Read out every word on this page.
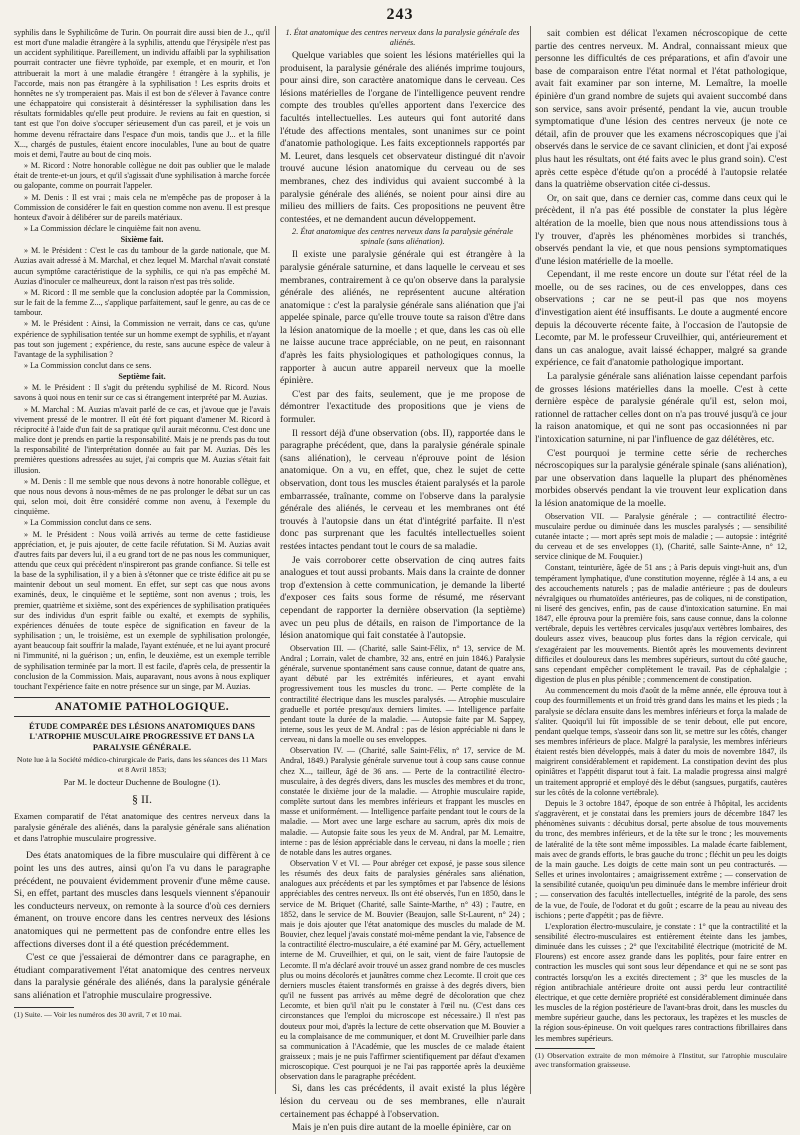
243

syphilis dans le Syphilicôme de Turin. On pourrait dire aussi bien de J.., qu'il est mort d'une maladie étrangère à la syphilis, attendu que l'érysipèle n'est pas un accident syphilitique. Pareillement, un individu affaibli par la syphilisation pourrait contracter une fièvre typhoïde, par exemple, et en mourir, et l'on attribuerait la mort à une maladie étrangère ! étrangère à la syphilis, je l'accorde, mais non pas étrangère à la syphilisation ! Les esprits droits et honnêtes ne s'y tromperaient pas. Mais il est bon de s'élever à l'avance contre une échappatoire qui consisterait à désintéresser la syphilisation dans les résultats formidables qu'elle peut produire. Je reviens au fait en question, si tant est que l'on doive s'occuper sérieusement d'un cas pareil, et je vois un homme devenu réfractaire dans l'espace d'un mois, tandis que J... et la fille X..., chargés de pustules, étaient encore inoculables, l'une au bout de quatre mois et demi, l'autre au bout de cinq mois.

» M. Ricord : Notre honorable collègue ne doit pas oublier que le malade était de trente-et-un jours, et qu'il s'agissait d'une syphilisation à marche forcée ou galopante, comme on pourrait l'appeler.

» M. Denis : Il est vrai ; mais cela ne m'empêche pas de proposer à la Commission de considérer le fait en question comme non avenu. Il est presque honteux d'avoir à délibérer sur de pareils matériaux.

» La Commission déclare le cinquième fait non avenu.

Sixième fait.

» M. le Président : C'est le cas du tambour de la garde nationale, que M. Auzias avait adressé à M. Marchal, et chez lequel M. Marchal n'avait constaté aucun symptôme caractéristique de la syphilis, ce qui n'a pas empêché M. Auzias d'inoculer ce malheureux, dont la raison n'est pas très solide.

» M. Ricord : Il me semble que la conclusion adoptée par la Commission, sur le fait de la femme Z..., s'applique parfaitement, sauf le genre, au cas de ce tambour.

» M. le Président : Ainsi, la Commission ne verrait, dans ce cas, qu'une expérience de syphilisation tentée sur un homme exempt de syphilis, et n'ayant pas tout son jugement ; expérience, du reste, sans aucune espèce de valeur à l'avantage de la syphilisation ?

» La Commission conclut dans ce sens.

Septième fait.

» M. le Président : Il s'agit du prétendu syphilisé de M. Ricord. Nous savons à quoi nous en tenir sur ce cas si étrangement interprété par M. Auzias.

» M. Marchal : M. Auzias m'avait parlé de ce cas, et j'avoue que je l'avais vivement pressé de le montrer. Il eût été fort piquant d'amener M. Ricord à réciprocité à l'aide d'un fait de sa pratique qu'il aurait méconnu. C'est donc une malice dont je prends en partie la responsabilité. Mais je ne prends pas du tout la responsabilité de l'interprétation donnée au fait par M. Auzias. Dès les premières questions adressées au sujet, j'ai compris que M. Auzias s'était fait illusion.

» M. Denis : Il me semble que nous devons à notre honorable collègue, et que nous nous devons à nous-mêmes de ne pas prolonger le débat sur un cas qui, selon moi, doit être considéré comme non avenu, à l'exemple du cinquième.

» La Commission conclut dans ce sens.

» M. le Président : Nous voilà arrivés au terme de cette fastidieuse appréciation, et, je puis ajouter, de cette facile réfutation. Si M. Auzias avait d'autres faits par devers lui, il a eu grand tort de ne pas nous les communiquer, attendu que ceux qui précèdent n'inspireront pas grande confiance. Si telle est la base de la syphilisation, il y a bien à s'étonner que ce triste édifice ait pu se maintenir debout un seul moment. En effet, sur sept cas que nous avons examinés, deux, le cinquième et le septième, sont non avenus ; trois, les premier, quatrième et sixième, sont des expériences de syphilisation pratiquées sur des individus d'un esprit faible ou exalté, et exempts de syphilis, expériences dénuées de toute espèce de signification en faveur de la syphilisation ; un, le troisième, est un exemple de syphilisation prolongée, ayant beaucoup fait souffrir la malade, l'ayant exténuée, et ne lui ayant procuré ni l'immunité, ni la guérison ; un, enfin, le deuxième, est un exemple terrible de syphilisation terminée par la mort. Il est facile, d'après cela, de pressentir la conclusion de la Commission. Mais, auparavant, nous avons à nous expliquer touchant l'expérience faite en notre présence sur un singe, par M. Auzias.

ANATOMIE PATHOLOGIQUE.
ÉTUDE COMPARÉE DES LÉSIONS ANATOMIQUES DANS L'ATROPHIE MUSCULAIRE PROGRESSIVE ET DANS LA PARALYSIE GÉNÉRALE.
Note lue à la Société médico-chirurgicale de Paris, dans les séances des 11 Mars et 8 Avril 1853;
Par M. le docteur Duchenne de Boulogne (1).
§ II.
Examen comparatif de l'état anatomique des centres nerveux dans la paralysie générale des aliénés, dans la paralysie générale sans aliénation et dans l'atrophie musculaire progressive.

Des états anatomiques de la fibre musculaire qui diffèrent à ce point les uns des autres, ainsi qu'on l'a vu dans le paragraphe précédent, ne pouvaient évidemment provenir d'une même cause. Si, en effet, partant des muscles dans lesquels viennent s'épanouir les conducteurs nerveux, on remonte à la source d'où ces derniers émanent, on trouve encore dans les centres nerveux des lésions anatomiques qui ne permettent pas de confondre entre elles les affections diverses dont il a été question précédemment.

C'est ce que j'essaierai de démontrer dans ce paragraphe, en étudiant comparativement l'état anatomique des centres nerveux dans la paralysie générale des aliénés, dans la paralysie générale sans aliénation et l'atrophie musculaire progressive.

(1) Suite. — Voir les numéros des 30 avril, 7 et 10 mai.

1. État anatomique des centres nerveux dans la paralysie générale des aliénés.

Quelque variables que soient les lésions matérielles qui la produisent, la paralysie générale des aliénés imprime toujours, pour ainsi dire, son caractère anatomique dans le cerveau. Ces lésions matérielles de l'organe de l'intelligence peuvent rendre compte des troubles qu'elles apportent dans l'exercice des facultés intellectuelles. Les auteurs qui font autorité dans l'étude des affections mentales, sont unanimes sur ce point d'anatomie pathologique. Les faits exceptionnels rapportés par M. Leuret, dans lesquels cet observateur distingué dit n'avoir trouvé aucune lésion anatomique du cerveau ou de ses membranes, chez des individus qui avaient succombé à la paralysie générale des aliénés, se noient pour ainsi dire au milieu des milliers de faits. Ces propositions ne peuvent être contestées, et ne demandent aucun développement.

2. État anatomique des centres nerveux dans la paralysie générale spinale (sans aliénation).

Il existe une paralysie générale qui est étrangère à la paralysie générale saturnine, et dans laquelle le cerveau et ses membranes, contrairement à ce qu'on observe dans la paralysie générale des aliénés, ne représentent aucune altération anatomique : c'est la paralysie générale sans aliénation que j'ai appelée spinale, parce qu'elle trouve toute sa raison d'être dans la lésion anatomique de la moelle ; et que, dans les cas où elle ne laisse aucune trace appréciable, on ne peut, en raisonnant d'après les faits physiologiques et pathologiques connus, la rapporter à aucun autre appareil nerveux que la moelle épinière.

C'est par des faits, seulement, que je me propose de démontrer l'exactitude des propositions que je viens de formuler.

Il ressort déjà d'une observation (obs. II), rapportée dans le paragraphe précédent, que, dans la paralysie générale spinale (sans aliénation), le cerveau n'éprouve point de lésion anatomique. On a vu, en effet, que, chez le sujet de cette observation, dont tous les muscles étaient paralysés et la parole embarrassée, traînante, comme on l'observe dans la paralysie générale des aliénés, le cerveau et les membranes ont été trouvés à l'autopsie dans un état d'intégrité parfaite. Il n'est donc pas surprenant que les facultés intellectuelles soient restées intactes pendant tout le cours de sa maladie.

Je vais corroborer cette observation de cinq autres faits analogues et tout aussi probants. Mais dans la crainte de donner trop d'extension à cette communication, je demande la liberté d'exposer ces faits sous forme de résumé, me réservant cependant de rapporter la dernière observation (la septième) avec un peu plus de détails, en raison de l'importance de la lésion anatomique qui fait constatée à l'autopsie.

Observation III. — (Charité, salle Saint-Félix, n° 13, service de M. Andral ; Lorrain, valet de chambre, 32 ans, entré en juin 1846.) Paralysie générale, survenue spontanément sans cause connue, datant de quatre ans, ayant débuté par les extrémités inférieures, et ayant envahi progressivement tous les muscles du tronc. — Perte complète de la contractilité électrique dans les muscles paralysés. — Atrophie musculaire graduelle et portée presqu'aux derniers limites. — Intelligence parfaite pendant toute la durée de la maladie. — Autopsie faite par M. Sappey, interne, sous les yeux de M. Andral : pas de lésion appréciable ni dans le cerveau, ni dans la moelle ou ses enveloppes.

Observation IV. — (Charité, salle Saint-Félix, n° 17, service de M. Andral, 1849.) Paralysie générale survenue tout à coup sans cause connue chez X..., tailleur, âgé de 36 ans. — Perte de la contractilité électro-musculaire, à des degrés divers, dans les muscles des membres et du tronc, constatée le dixième jour de la maladie. — Atrophie musculaire rapide, complète surtout dans les membres inférieurs et frappant les muscles en masse et uniformément. — Intelligence parfaite pendant tout le cours de la maladie. — Mort avec une large eschare au sacrum, après dix mois de maladie. — Autopsie faite sous les yeux de M. Andral, par M. Lemaitre, interne : pas de lésion appréciable dans le cerveau, ni dans la moelle ; rien de notable dans les autres organes.

Observation V et VI. — Pour abréger cet exposé, je passe sous silence les résumés des deux faits de paralysies générales sans aliénation, analogues aux précédents et par les symptômes et par l'absence de lésions appréciables des centres nerveux. Ils ont été observés, l'un en 1850, dans le service de M. Briquet (Charité, salle Sainte-Marthe, n° 43) ; l'autre, en 1852, dans le service de M. Bouvier (Beaujon, salle St-Laurent, n° 24) ; mais je dois ajouter que l'état anatomique des muscles du malade de M. Bouvier, chez lequel j'avais constaté moi-même pendant la vie, l'absence de la contractilité électro-musculaire, a été examiné par M. Géry, actuellement interne de M. Cruveilhier, et qui, on le sait, vient de faire l'autopsie de Lecomte. Il m'a déclaré avoir trouvé un assez grand nombre de ces muscles plus ou moins décolorés et jaunâtres comme chez Lecomte. Il croit que ces derniers muscles étaient transformés en graisse à des degrés divers, bien qu'il ne fussent pas arrivés au même degré de décoloration que chez Lecomte, et bien qu'il n'ait pu le constater à l'œil nu. (C'est dans ces circonstances que l'emploi du microscope est nécessaire.) Il n'est pas douteux pour moi, d'après la lecture de cette observation que M. Bouvier a eu la complaisance de me communiquer, et dont M. Cruveilhier parle dans sa communication à l'Académie, que les muscles de ce malade étaient graisseux ; mais je ne puis l'affirmer scientifiquement par défaut d'examen microscopique. C'est pourquoi je ne l'ai pas rapportée après la deuxième observation dans le paragraphe précédent.

Si, dans les cas précédents, il avait existé la plus légère lésion du cerveau ou de ses membranes, elle n'aurait certainement pas échappé à l'observation.

Mais je n'en puis dire autant de la moelle épinière, car on

sait combien est délicat l'examen nécroscopique de cette partie des centres nerveux. M. Andral, connaissant mieux que personne les difficultés de ces préparations, et afin d'avoir une base de comparaison entre l'état normal et l'état pathologique, avait fait examiner par son interne, M. Lemaître, la moelle épinière d'un grand nombre de sujets qui avaient succombé dans son service, sans avoir présenté, pendant la vie, aucun trouble symptomatique d'une lésion des centres nerveux (je note ce détail, afin de prouver que les examens nécroscopiques que j'ai observés dans le service de ce savant clinicien, et dont j'ai exposé plus haut les résultats, ont été faits avec le plus grand soin). C'est après cette espèce d'étude qu'on a procédé à l'autopsie relatée dans la quatrième observation citée ci-dessus.

Or, on sait que, dans ce dernier cas, comme dans ceux qui le précèdent, il n'a pas été possible de constater la plus légère altération de la moelle, bien que nous nous attendissions tous à l'y trouver, d'après les phénomènes morbides si tranchés, observés pendant la vie, et que nous pensions symptomatiques d'une lésion matérielle de la moelle.

Cependant, il me reste encore un doute sur l'état réel de la moelle, ou de ses racines, ou de ces enveloppes, dans ces observations ; car ne se peut-il pas que nos moyens d'investigation aient été insuffisants. Le doute a augmenté encore depuis la découverte récente faite, à l'occasion de l'autopsie de Lecomte, par M. le professeur Cruveilhier, qui, antérieurement et dans un cas analogue, avait laissé échapper, malgré sa grande expérience, ce fait d'anatomie pathologique important.

La paralysie générale sans aliénation laisse cependant parfois de grosses lésions matérielles dans la moelle. C'est à cette dernière espèce de paralysie générale qu'il est, selon moi, rationnel de rattacher celles dont on n'a pas trouvé jusqu'à ce jour la raison anatomique, et qui ne sont pas occasionnées ni par l'intoxication saturnine, ni par l'influence de gaz délétères, etc.

C'est pourquoi je termine cette série de recherches nécroscopiques sur la paralysie générale spinale (sans aliénation), par une observation dans laquelle la plupart des phénomènes morbides observés pendant la vie trouvent leur explication dans la lésion anatomique de la moelle.

Observation VII. — Paralysie générale ; — contractilité électro-musculaire perdue ou diminuée dans les muscles paralysés ; — sensibilité cutanée intacte ; — mort après sept mois de maladie ; — autopsie : intégrité du cerveau et de ses enveloppes (1), (Charité, salle Sainte-Anne, n° 12, service clinique de M. Fouquier.)

Constant, teinturière, âgée de 51 ans ; à Paris depuis vingt-huit ans, d'un tempérament lymphatique, d'une constitution moyenne, réglée à 14 ans, a eu des accouchements naturels ; pas de maladie antérieure ; pas de douleurs névralgiques ou rhumatoïdes antérieures, pas de coliques, ni de constipation, ni liseré des gencives, enfin, pas de cause d'intoxication saturnine. En mai 1847, elle éprouva pour la première fois, sans cause connue, dans la colonne vertébrale, depuis les vertèbres cervicales jusqu'aux vertèbres lombaires, des douleurs assez vives, beaucoup plus fortes dans la région cervicale, qui s'exagéraient par les mouvements. Bientôt après les mouvements devinrent difficiles et douloureux dans les membres supérieurs, surtout du côté gauche, sans cependant empêcher complètement le travail. Pas de céphalalgie ; digestion de plus en plus pénible ; commencement de constipation.

Au commencement du mois d'août de la même année, elle éprouva tout à coup des fourmillements et un froid très grand dans les mains et les pieds ; la paralysie se déclara ensuite dans les membres inférieurs et força la malade de s'aliter. Quoiqu'il lui fût impossible de se tenir debout, elle put encore, pendant quelque temps, s'asseoir dans son lit, se mettre sur les côtés, changer ses membres inférieurs de place. Malgré la paralysie, les membres inférieurs étaient restés bien développés, mais à dater du mois de novembre 1847, ils maigrirent considérablement et rapidement. La constipation devint des plus opiniâtres et l'appétit disparut tout à fait. La maladie progressa ainsi malgré un traitement approprié et employé dès le début (sangsues, purgatifs, cautères sur les côtés de la colonne vertébrale).

Depuis le 3 octobre 1847, époque de son entrée à l'hôpital, les accidents s'aggravèrent, et je constatai dans les premiers jours de décembre 1847 les phénomènes suivants : décubitus dorsal, perte absolue de tous mouvements du tronc, des membres inférieurs, et de la tête sur le tronc ; les mouvements de latéralité de la tête sont même impossibles. La malade écarte faiblement, mais avec de grands efforts, le bras gauche du tronc ; fléchit un peu les doigts de la main gauche. Les doigts de cette main sont un peu contracturés. — Selles et urines involontaires ; amaigrissement extrême ; — conservation de la sensibilité cutanée, quoiqu'un peu diminuée dans le membre inférieur droit ; — conservation des facultés intellectuelles, intégrité de la parole, des sens de la vue, de l'ouïe, de l'odorat et du goût ; escarre de la peau au niveau des ischions ; perte d'appétit ; pas de fièvre.

L'exploration électro-musculaire, je constate : 1° que la contractilité et la sensibilité électro-musculaires est entièrement éteinte dans les jambes, diminuée dans les cuisses ; 2° que l'excitabilité électrique (motricité de M. Flourens) est encore assez grande dans les poplités, pour faire entrer en contraction les muscles qui sont sous leur dépendance et qui ne se sont pas contractés lorsqu'on les a excités directement ; 3° que les muscles de la région antibrachiale antérieure droite ont aussi perdu leur contractilité électrique, et que cette dernière propriété est considérablement diminuée dans les muscles de la région postérieure de l'avant-bras droit, dans les muscles du membre supérieur gauche, dans les pectoraux, les trapèzes et les muscles de la région sous-épineuse. On voit quelques rares contractions fibrillaires dans les membres supérieurs.

(1) Observation extraite de mon mémoire à l'Institut, sur l'atrophie musculaire avec transformation graisseuse.
